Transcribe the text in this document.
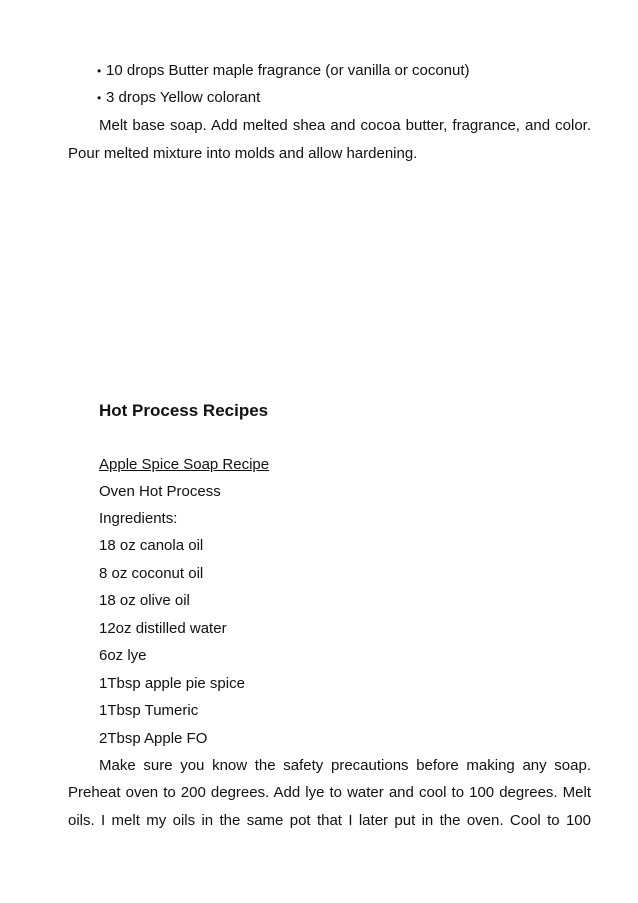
• 10 drops Butter maple fragrance (or vanilla or coconut)
• 3 drops Yellow colorant
Melt base soap. Add melted shea and cocoa butter, fragrance, and color.
Pour melted mixture into molds and allow hardening.
Hot Process Recipes
Apple Spice Soap Recipe
Oven Hot Process
Ingredients:
18 oz canola oil
8 oz coconut oil
18 oz olive oil
12oz distilled water
6oz lye
1Tbsp apple pie spice
1Tbsp Tumeric
2Tbsp Apple FO
Make sure you know the safety precautions before making any soap.
Preheat oven to 200 degrees. Add lye to water and cool to 100 degrees. Melt
oils. I melt my oils in the same pot that I later put in the oven. Cool to 100
